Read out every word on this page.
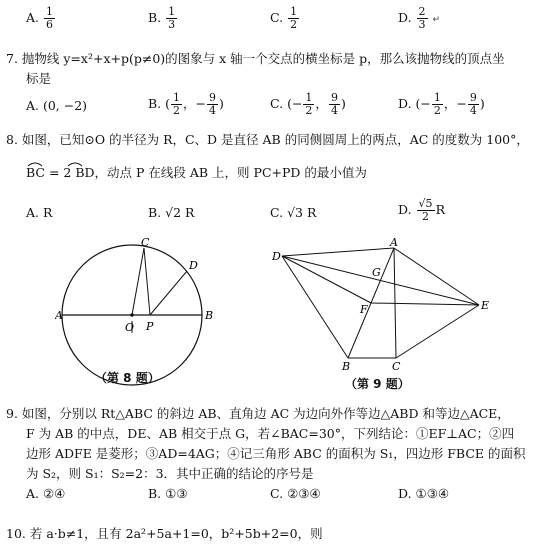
A. $\frac{1}{6}$	B. $\frac{1}{3}$	C. $\frac{1}{2}$	D. $\frac{2}{3}$ ↵
7. 抛物线 y=x²+x+p(p≠0)的图象与 x 轴一个交点的横坐标是 p，那么该抛物线的顶点坐
标是
A. (0, −2)	B. ( $\frac{1}{2}$ ，− $\frac{9}{4}$ )	C. (− $\frac{1}{2}$ ， $\frac{9}{4}$ )	D. (− $\frac{1}{2}$ ，− $\frac{9}{4}$ )
8. 如图，已知⊙O 的半径为 R，C、D 是直径 AB 的同侧圆周上的两点，AC 的度数为 100°，
BC = 2 BD，动点 P 在线段 AB 上，则 PC+PD 的最小值为
A. R	B. √2 R	C. √3 R	D. $\frac{√5}{2}$ R
A	B
C
D
O P
（第 8 题）
D
A
E
G
F
B	C
（第 9 题）
9. 如图，分别以 Rt△ABC 的斜边 AB、直角边 AC 为边向外作等边△ABD 和等边△ACE，
F 为 AB 的中点，DE、AB 相交于点 G，若∠BAC=30°，下列结论：①EF⊥AC；②四
边形 ADFE 是菱形；③AD=4AG；④记三角形 ABC 的面积为 S₁，四边形 FBCE 的面积
为 S₂，则 S₁：S₂=2：3．其中正确的结论的序号是
A. ②④	B. ①③	C. ②③④	D. ①③④
10. 若 a·b≠1，且有 2a²+5a+1=0，b²+5b+2=0，则
